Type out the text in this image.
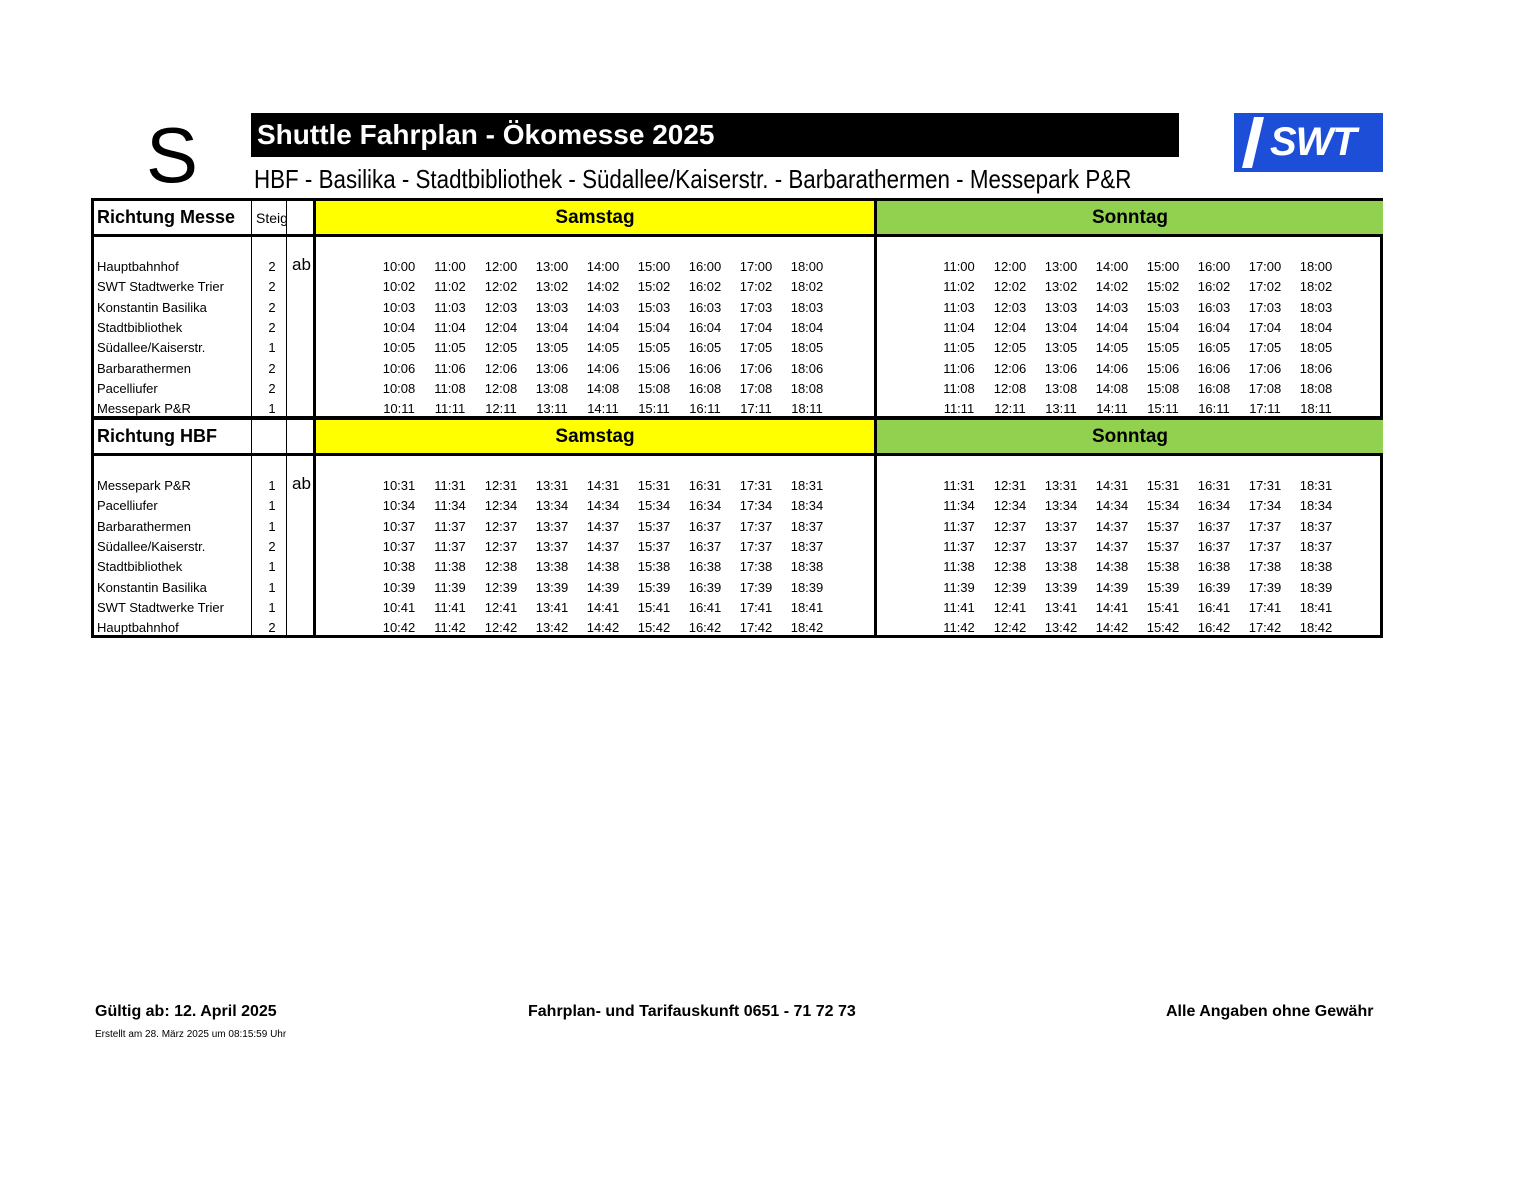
S Shuttle Fahrplan - Ökomesse 2025
HBF - Basilika - Stadtbibliothek - Südallee/Kaiserstr. - Barbarathermen - Messepark P&R
SWT
Richtung Messe Steig	Samstag	Sonntag
Hauptbahnhof	2 ab	10:00	11:00	12:00	13:00	14:00	15:00	16:00	17:00	18:00	11:00	12:00	13:00	14:00	15:00	16:00	17:00	18:00
SWT Stadtwerke Trier	2	10:02	11:02	12:02	13:02	14:02	15:02	16:02	17:02	18:02	11:02	12:02	13:02	14:02	15:02	16:02	17:02	18:02
Konstantin Basilika	2	10:03	11:03	12:03	13:03	14:03	15:03	16:03	17:03	18:03	11:03	12:03	13:03	14:03	15:03	16:03	17:03	18:03
Stadtbibliothek	2	10:04	11:04	12:04	13:04	14:04	15:04	16:04	17:04	18:04	11:04	12:04	13:04	14:04	15:04	16:04	17:04	18:04
Südallee/Kaiserstr.	1	10:05	11:05	12:05	13:05	14:05	15:05	16:05	17:05	18:05	11:05	12:05	13:05	14:05	15:05	16:05	17:05	18:05
Barbarathermen	2	10:06	11:06	12:06	13:06	14:06	15:06	16:06	17:06	18:06	11:06	12:06	13:06	14:06	15:06	16:06	17:06	18:06
Pacelliufer	2	10:08	11:08	12:08	13:08	14:08	15:08	16:08	17:08	18:08	11:08	12:08	13:08	14:08	15:08	16:08	17:08	18:08
Messepark P&R	1	10:11	11:11	12:11	13:11	14:11	15:11	16:11	17:11	18:11	11:11	12:11	13:11	14:11	15:11	16:11	17:11	18:11
Richtung HBF	Samstag	Sonntag
Messepark P&R	1 ab	10:31	11:31	12:31	13:31	14:31	15:31	16:31	17:31	18:31	11:31	12:31	13:31	14:31	15:31	16:31	17:31	18:31
Pacelliufer	1	10:34	11:34	12:34	13:34	14:34	15:34	16:34	17:34	18:34	11:34	12:34	13:34	14:34	15:34	16:34	17:34	18:34
Barbarathermen	1	10:37	11:37	12:37	13:37	14:37	15:37	16:37	17:37	18:37	11:37	12:37	13:37	14:37	15:37	16:37	17:37	18:37
Südallee/Kaiserstr.	2	10:37	11:37	12:37	13:37	14:37	15:37	16:37	17:37	18:37	11:37	12:37	13:37	14:37	15:37	16:37	17:37	18:37
Stadtbibliothek	1	10:38	11:38	12:38	13:38	14:38	15:38	16:38	17:38	18:38	11:38	12:38	13:38	14:38	15:38	16:38	17:38	18:38
Konstantin Basilika	1	10:39	11:39	12:39	13:39	14:39	15:39	16:39	17:39	18:39	11:39	12:39	13:39	14:39	15:39	16:39	17:39	18:39
SWT Stadtwerke Trier	1	10:41	11:41	12:41	13:41	14:41	15:41	16:41	17:41	18:41	11:41	12:41	13:41	14:41	15:41	16:41	17:41	18:41
Hauptbahnhof	2	10:42	11:42	12:42	13:42	14:42	15:42	16:42	17:42	18:42	11:42	12:42	13:42	14:42	15:42	16:42	17:42	18:42
Gültig ab: 12. April 2025
Erstellt am 28. März 2025 um 08:15:59 Uhr
Fahrplan- und Tarifauskunft 0651 - 71 72 73	Alle Angaben ohne Gewähr
